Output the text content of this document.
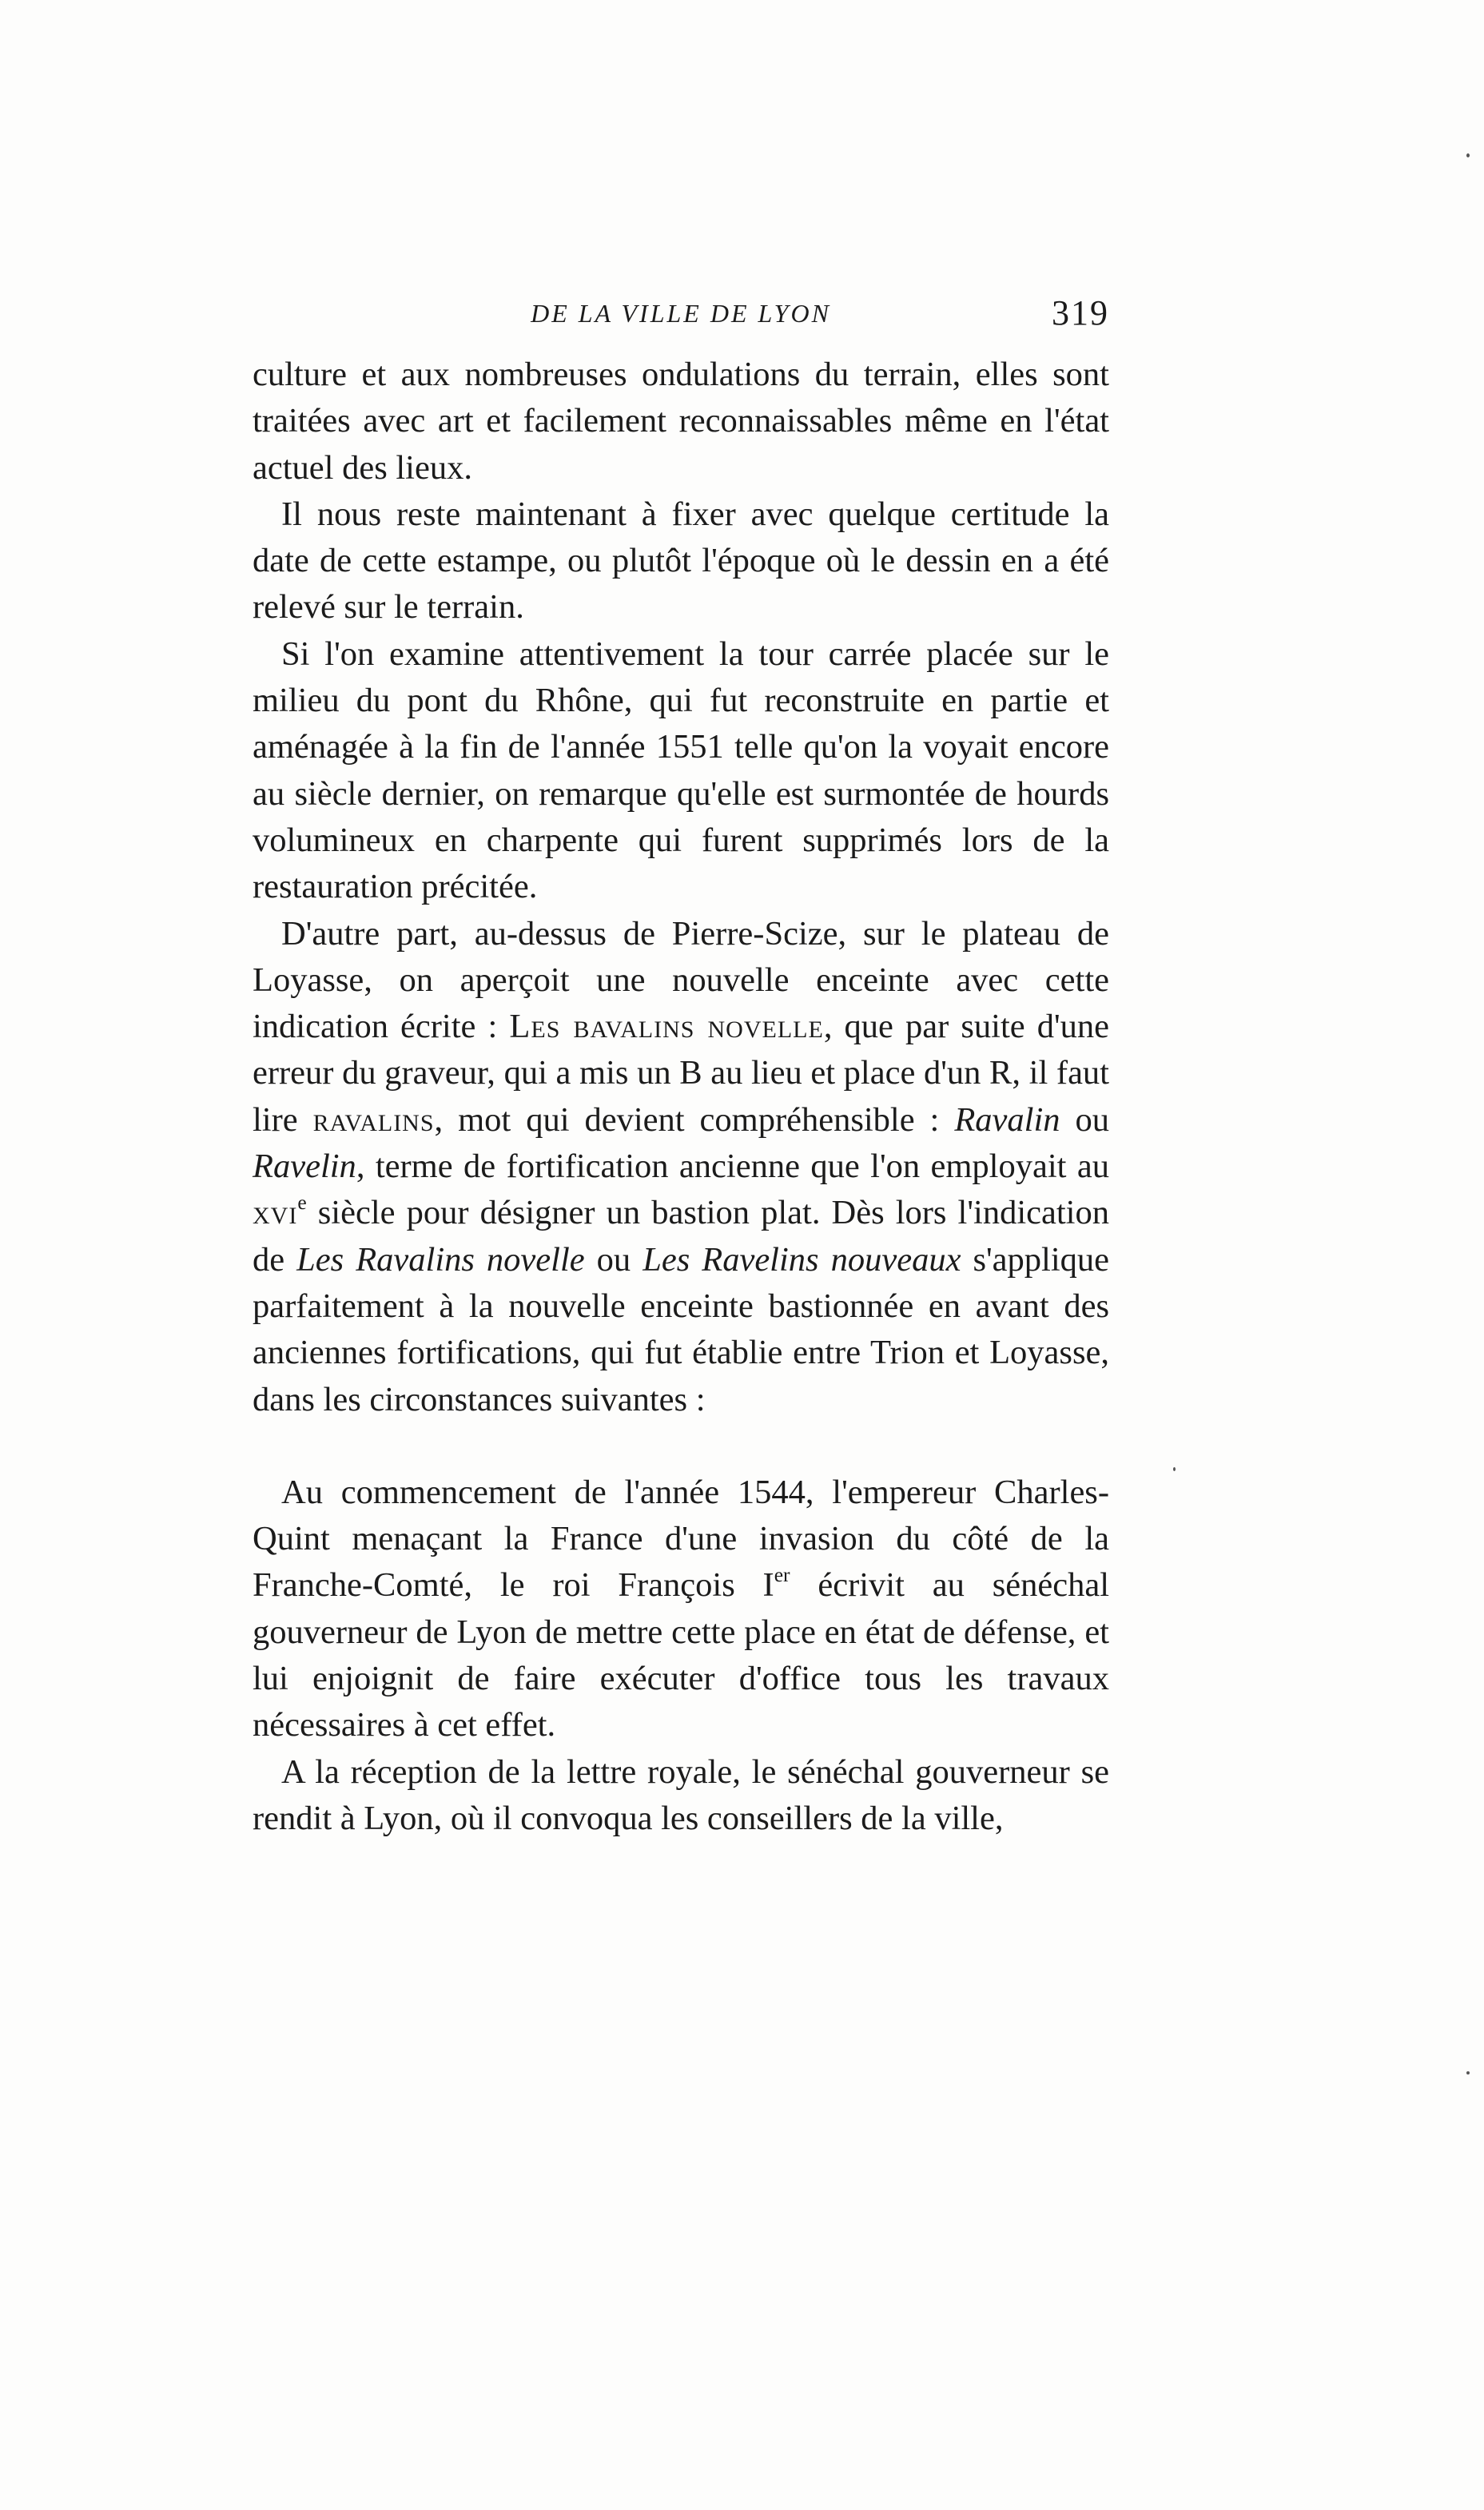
DE LA VILLE DE LYON	319

culture et aux nombreuses ondulations du terrain, elles sont traitées avec art et facilement reconnaissables même en l'état actuel des lieux.

Il nous reste maintenant à fixer avec quelque certitude la date de cette estampe, ou plutôt l'époque où le dessin en a été relevé sur le terrain.

Si l'on examine attentivement la tour carrée placée sur le milieu du pont du Rhône, qui fut reconstruite en partie et aménagée à la fin de l'année 1551 telle qu'on la voyait encore au siècle dernier, on remarque qu'elle est surmontée de hourds volumineux en charpente qui furent supprimés lors de la restauration précitée.

D'autre part, au-dessus de Pierre-Scize, sur le plateau de Loyasse, on aperçoit une nouvelle enceinte avec cette indication écrite : Les bavalins novelle, que par suite d'une erreur du graveur, qui a mis un B au lieu et place d'un R, il faut lire ravalins, mot qui devient compréhensible : Ravalin ou Ravelin, terme de fortification ancienne que l'on employait au xvi$^e$ siècle pour désigner un bastion plat. Dès lors l'indication de Les Ravalins novelle ou Les Ravelins nouveaux s'applique parfaitement à la nouvelle enceinte bastionnée en avant des anciennes fortifications, qui fut établie entre Trion et Loyasse, dans les circonstances suivantes :

Au commencement de l'année 1544, l'empereur Charles-Quint menaçant la France d'une invasion du côté de la Franche-Comté, le roi François Ier écrivit au sénéchal gouverneur de Lyon de mettre cette place en état de défense, et lui enjoignit de faire exécuter d'office tous les travaux nécessaires à cet effet.

A la réception de la lettre royale, le sénéchal gouverneur se rendit à Lyon, où il convoqua les conseillers de la ville,
